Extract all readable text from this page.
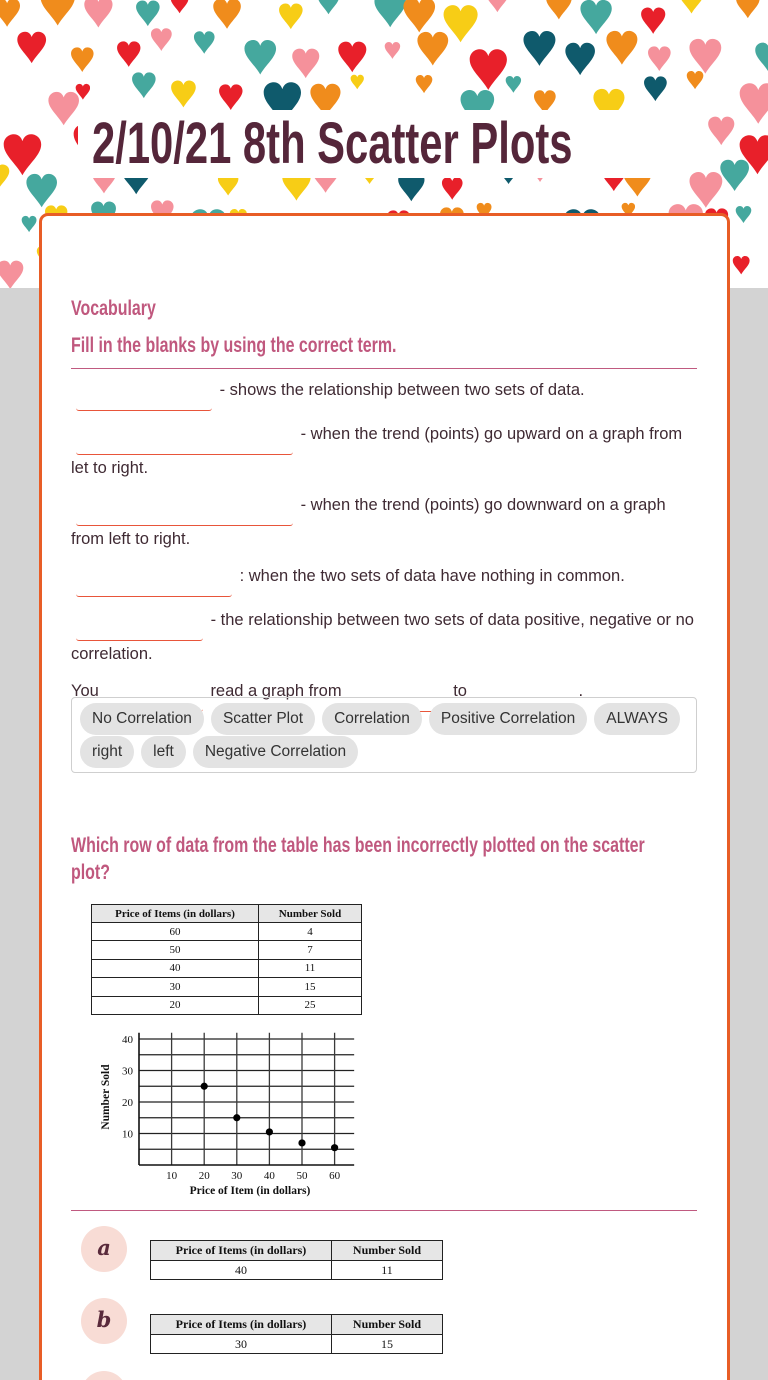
2/10/21 8th Scatter Plots
Vocabulary
Fill in the blanks by using the correct term.

- shows the relationship between two sets of data.

- when the trend (points) go upward on a graph from let to right.

- when the trend (points) go downward on a graph from left to right.

: when the two sets of data have nothing in common.

- the relationship between two sets of data positive, negative or no correlation.

You	read a graph from	to	.

No Correlation	Scatter Plot	Correlation	Positive Correlation	ALWAYS
right	left	Negative Correlation
Which row of data from the table has been incorrectly plotted on the scatter plot?
Price of Items (in dollars)	Number Sold
60	4
50	7
40	11
30	15
20	25
10 20 30 40 50 60
10
20
30
40
Price of Item (in dollars)
Number Sold
a	Price of Items (in dollars)	Number Sold
40	11
b	Price of Items (in dollars)	Number Sold
30	15
